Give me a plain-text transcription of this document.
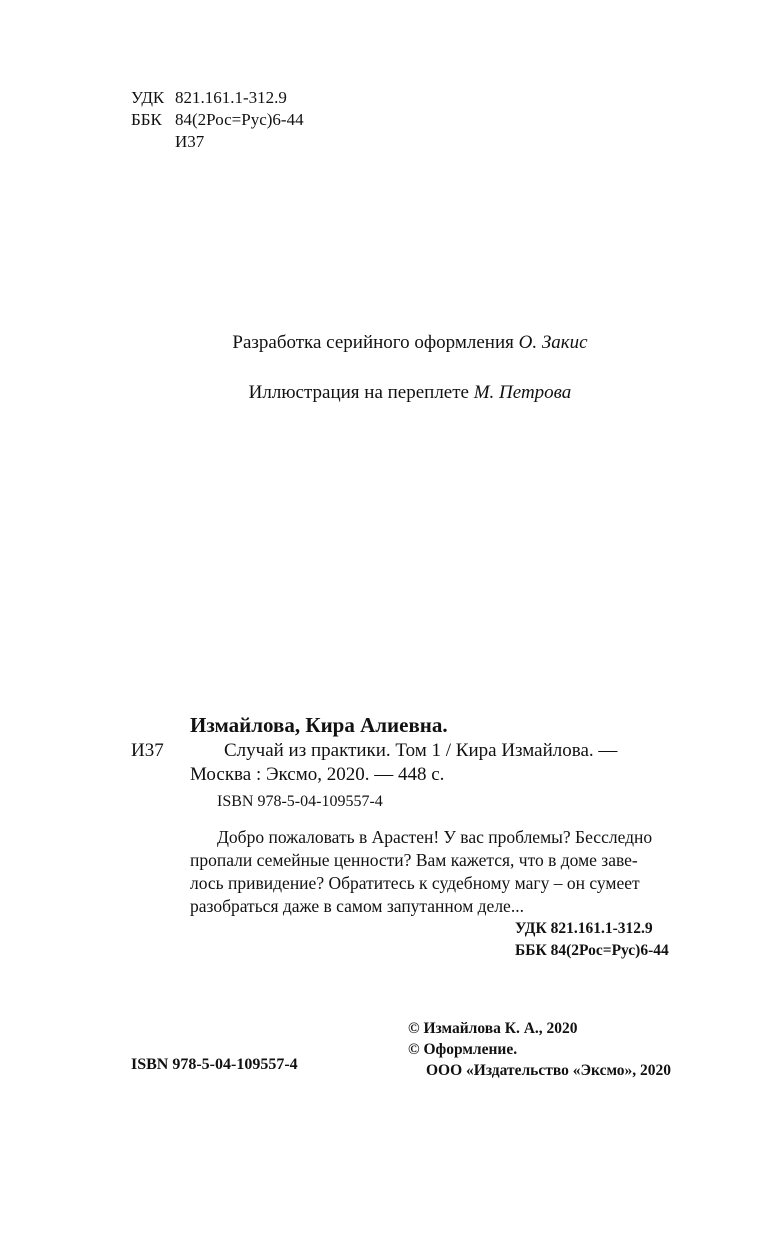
УДК 821.161.1-312.9
ББК 84(2Рос=Рус)6-44
И37
Разработка серийного оформления О. Закис
Иллюстрация на переплете М. Петрова
Измайлова, Кира Алиевна.
И37	Случай из практики. Том 1 / Кира Измайлова. —
Москва : Эксмо, 2020. — 448 с.
ISBN 978-5-04-109557-4
Добро пожаловать в Арастен! У вас проблемы? Бесследно
пропали семейные ценности? Вам кажется, что в доме заве-
лось привидение? Обратитесь к судебному магу – он сумеет
разобраться даже в самом запутанном деле...
УДК 821.161.1-312.9
ББК 84(2Рос=Рус)6-44
ISBN 978-5-04-109557-4
© Измайлова К. А., 2020
© Оформление.
ООО «Издательство «Эксмо», 2020
